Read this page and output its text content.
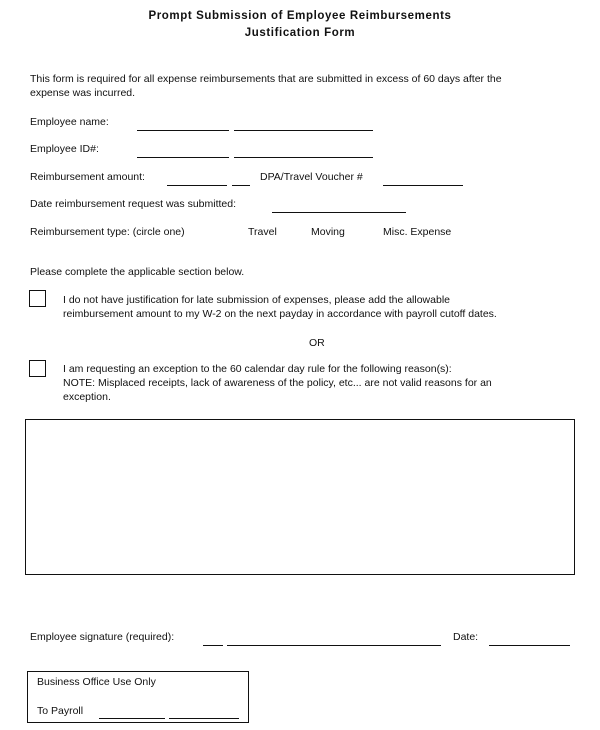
Prompt Submission of Employee Reimbursements
Justification Form
This form is required for all expense reimbursements that are submitted in excess of 60 days after the
expense was incurred.
Employee name:
Employee ID#:
Reimbursement amount:	DPA/Travel Voucher #
Date reimbursement request was submitted:
Reimbursement type: (circle one)	Travel	Moving	Misc. Expense
Please complete the applicable section below.
I do not have justification for late submission of expenses, please add the allowable
reimbursement amount to my W-2 on the next payday in accordance with payroll cutoff dates.
OR
I am requesting an exception to the 60 calendar day rule for the following reason(s):
NOTE: Misplaced receipts, lack of awareness of the policy, etc... are not valid reasons for an
exception.
Employee signature (required):	Date:
Business Office Use Only
To Payroll
